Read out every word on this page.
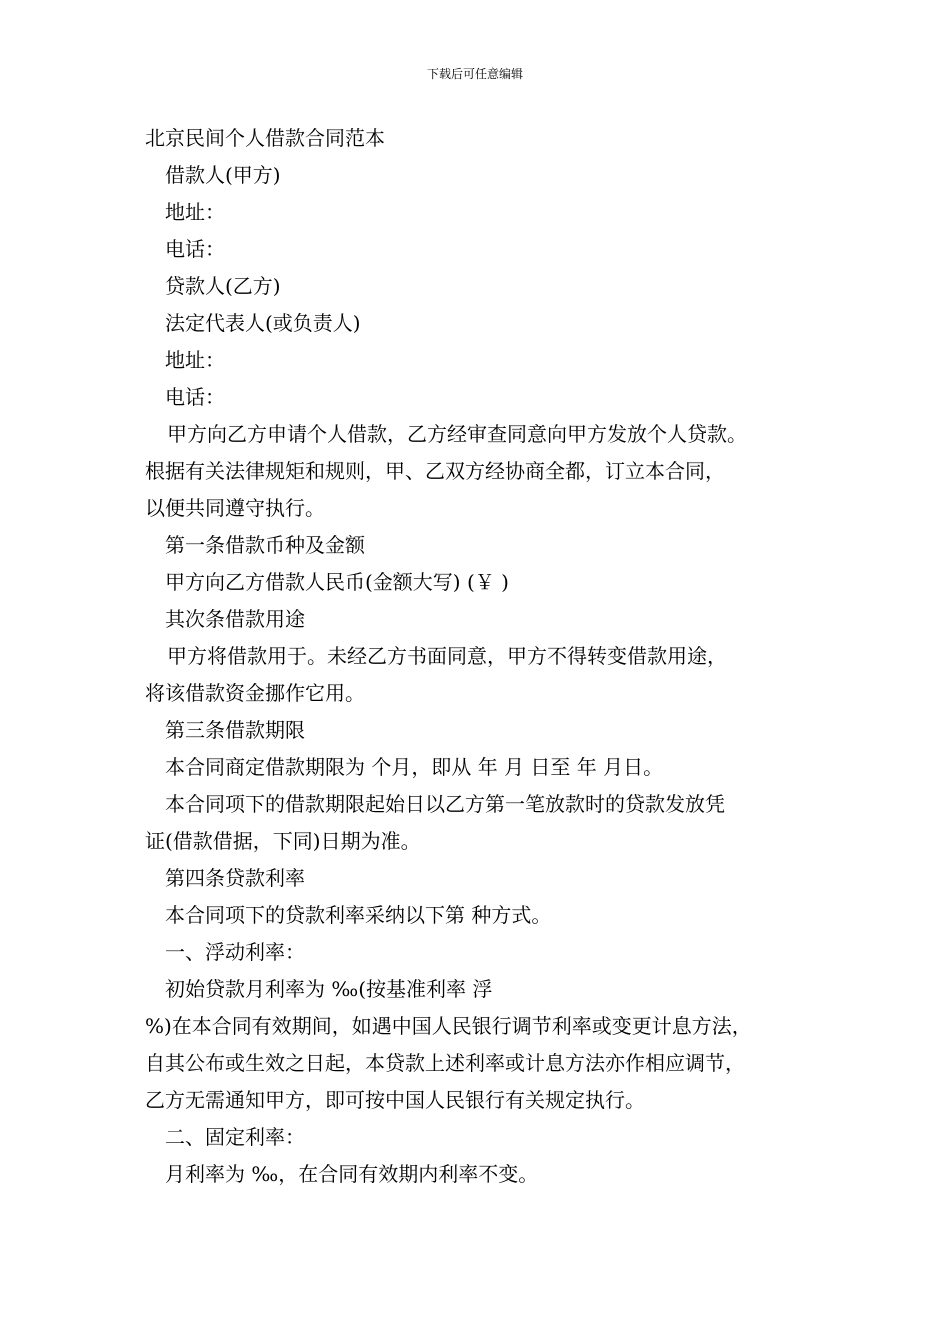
下载后可任意编辑

北京民间个人借款合同范本

借款人(甲方)

地址：

电话：

贷款人(乙方)

法定代表人(或负责人)

地址：

电话：

甲方向乙方申请个人借款，乙方经审查同意向甲方发放个人贷款。

根据有关法律规矩和规则，甲、乙双方经协商全都，订立本合同，

以便共同遵守执行。

第一条借款币种及金额

甲方向乙方借款人民币(金额大写) (￥ )

其次条借款用途

甲方将借款用于。未经乙方书面同意，甲方不得转变借款用途，

将该借款资金挪作它用。

第三条借款期限

本合同商定借款期限为 个月，即从 年 月 日至 年 月日。

本合同项下的借款期限起始日以乙方第一笔放款时的贷款发放凭

证(借款借据，下同)日期为准。

第四条贷款利率

本合同项下的贷款利率采纳以下第 种方式。

一、浮动利率：

初始贷款月利率为 ‰(按基准利率 浮

%)在本合同有效期间，如遇中国人民银行调节利率或变更计息方法，

自其公布或生效之日起，本贷款上述利率或计息方法亦作相应调节，

乙方无需通知甲方，即可按中国人民银行有关规定执行。

二、固定利率：

月利率为 ‰，在合同有效期内利率不变。
